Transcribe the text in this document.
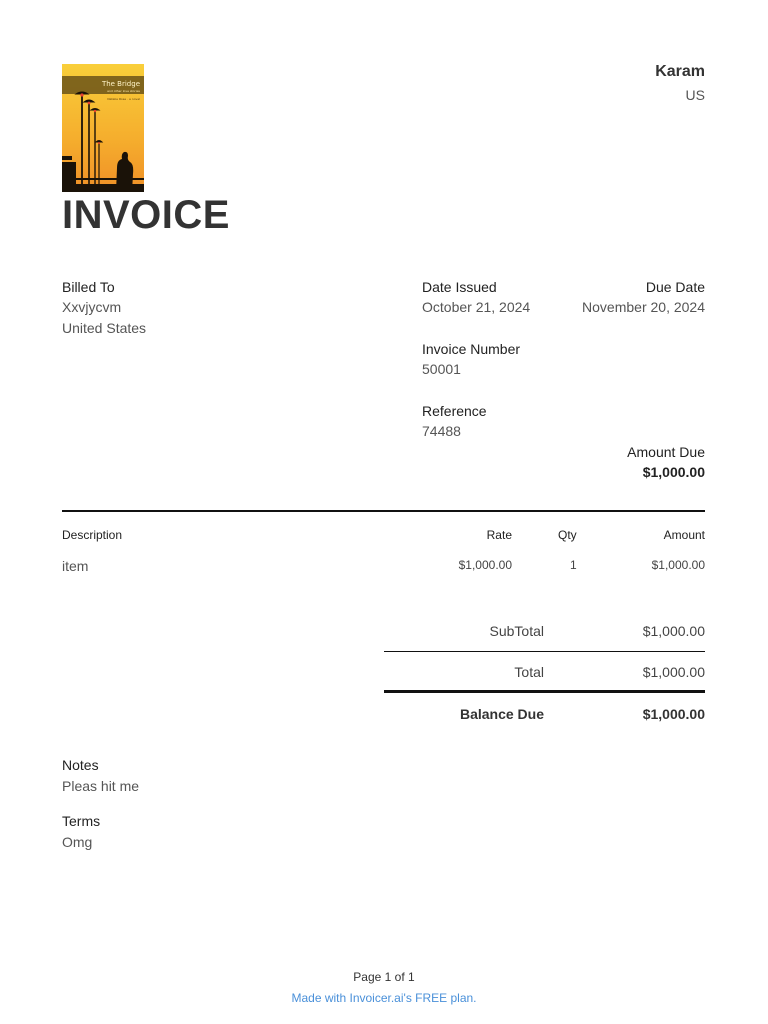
The Bridge
and other love stories
Natalie Rose · a novel
INVOICE
Karam
US
Billed To
Xxvjycvm
United States
Date Issued
October 21, 2024
Due Date
November 20, 2024
Invoice Number
50001
Reference
74488
Amount Due
$1,000.00
Description	Rate	Qty	Amount
item	$1,000.00	1	$1,000.00
SubTotal	$1,000.00
Total	$1,000.00
Balance Due	$1,000.00
Notes
Pleas hit me
Terms
Omg
Page 1 of 1
Made with Invoicer.ai's FREE plan.
